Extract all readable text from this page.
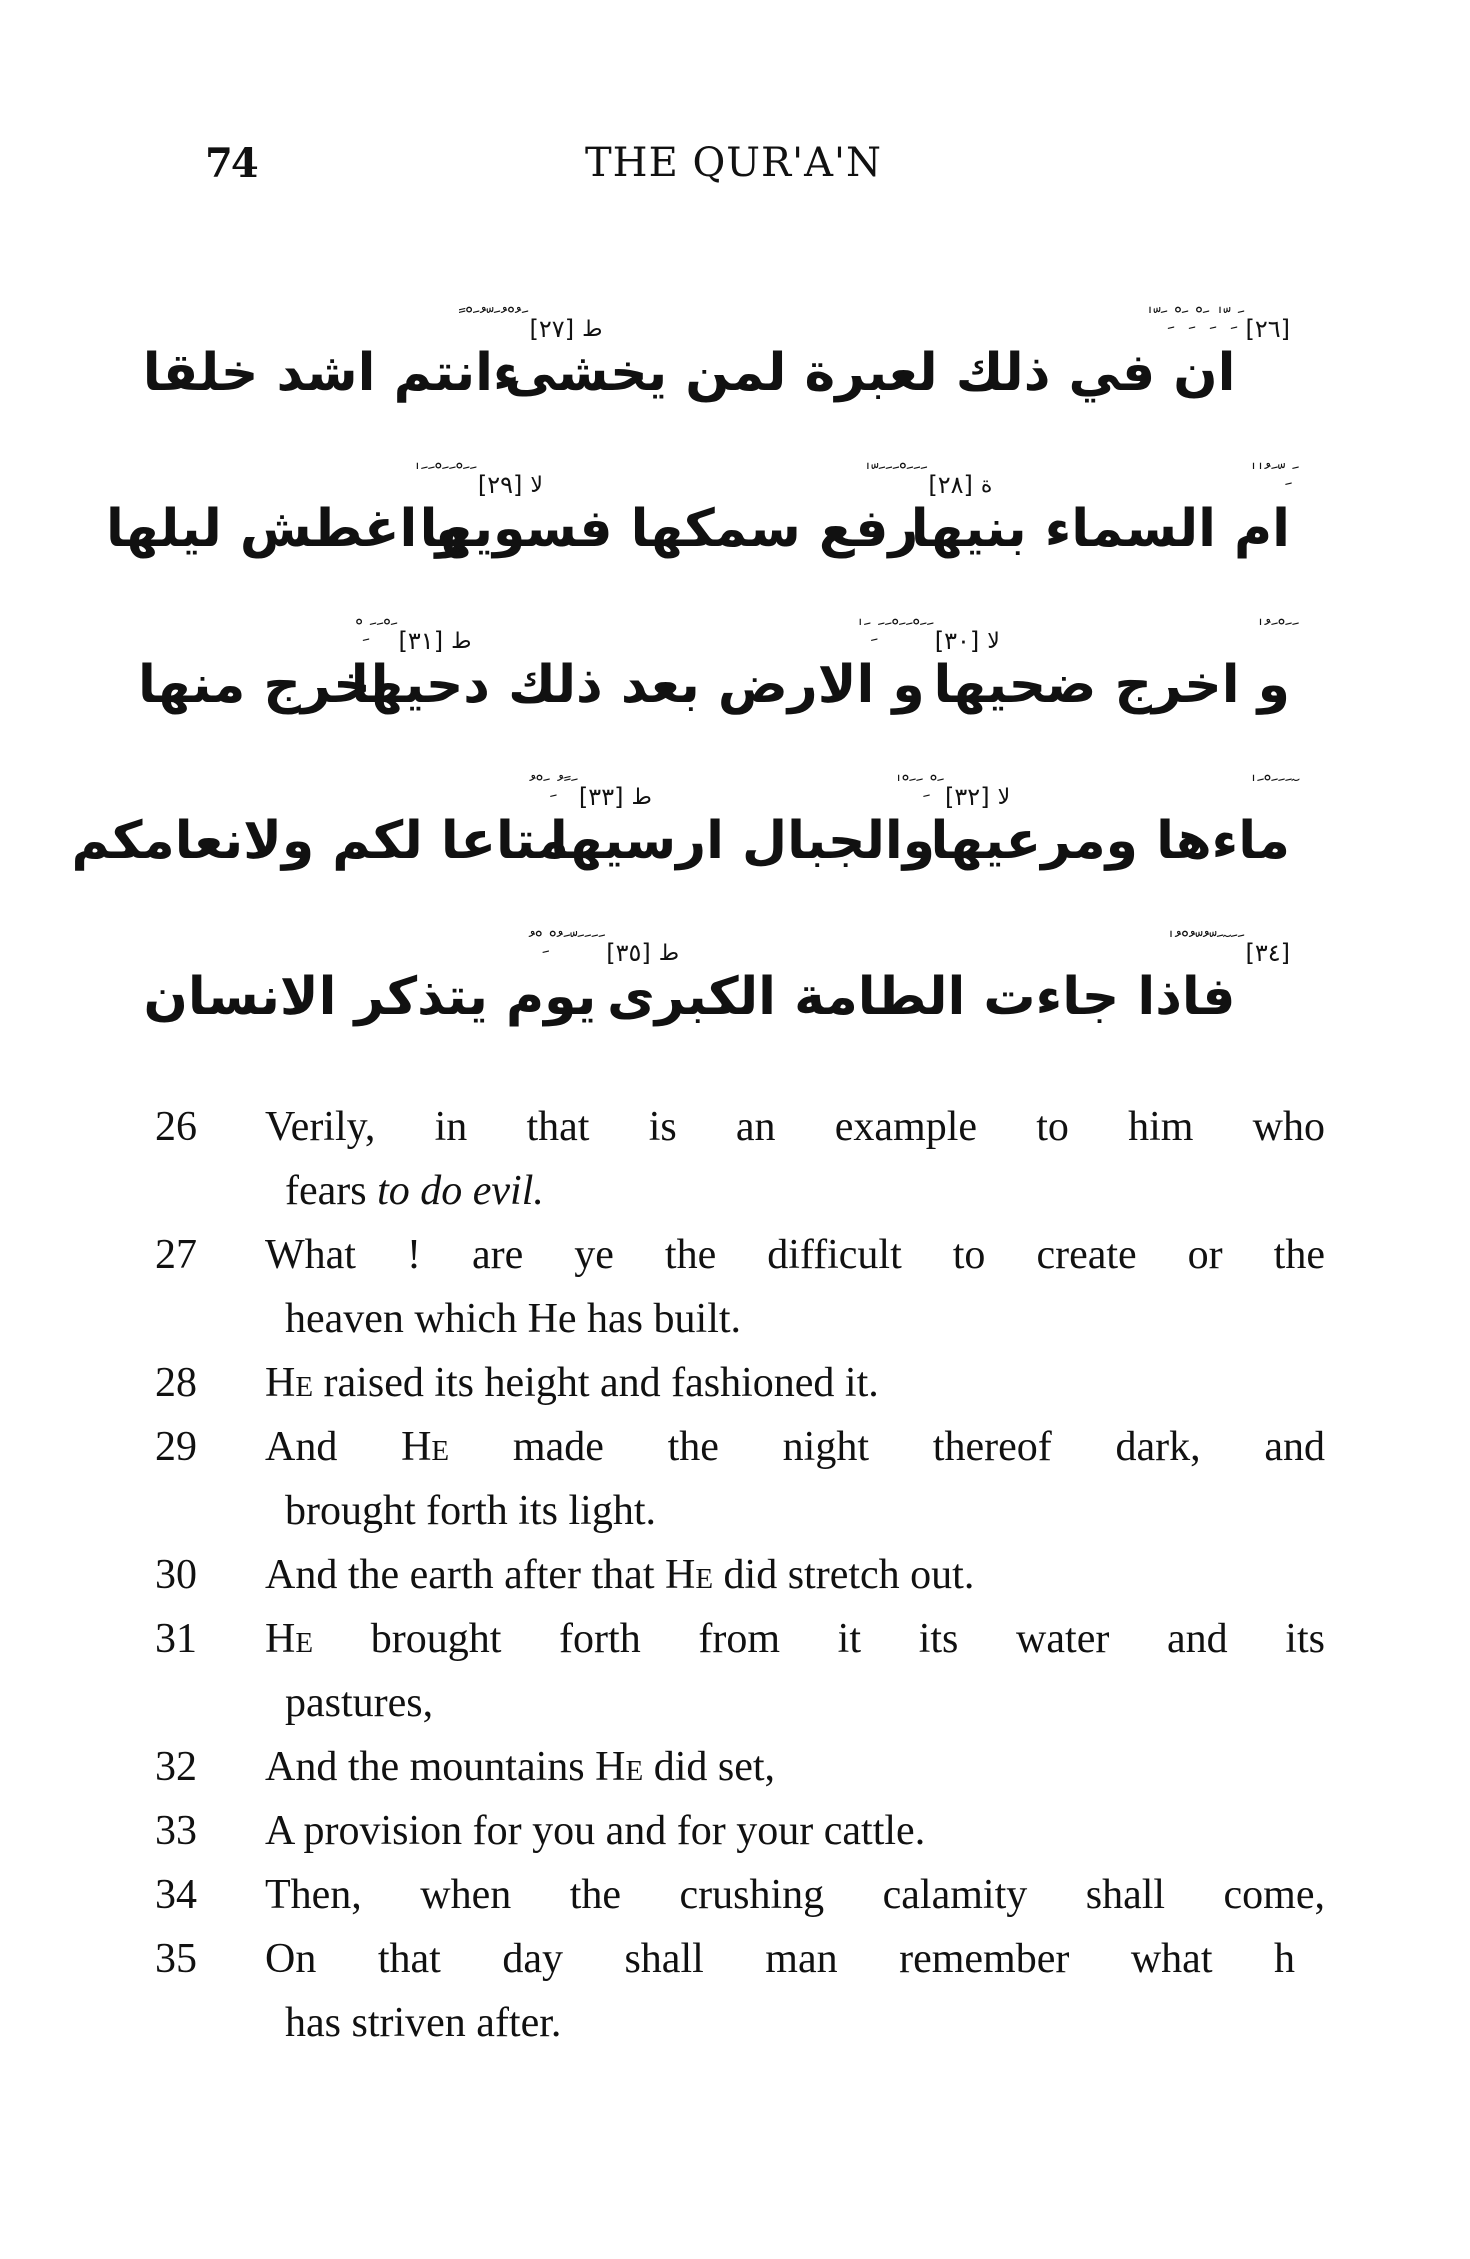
74	THE QUR'A'N
[ ٢٦ ]
َ ِ ّ ٰ ِ َ ْ ِ َ ْ ِ َ ّ ٰ
ان في ذلك لعبرة لمن يخشى
ط
[ ٢٧ ]
َ ُ ْ ُ َ ّ ُ َ ْ ً
ءانتم اشد خلقا
َ ِ ّ َ ُ ٰ ٰ
ام السماء بنيها
ة
[ ٢٨ ]
َ َ َ ْ َ َ َ ّ ٰ
رفع سمكها فسويها
لا
[ ٢٩ ]
َ َ ْ َ َ ْ َ َ ٰ
و اغطش ليلها
َ َ ْ َ ُ ٰ
و اخرج ضحيها
لا
[ ٣٠ ]
َ َ ْ َ َ ْ َ َ ِ َ ٰ
و الارض بعد ذلك دحيها
ط
[ ٣١ ]
َ ْ َ َ ِ ْ
اخرج منها
ٓ َ َ َ ْ َ ٰ
ماءها ومرعيها
لا
[ ٣٢ ]
َ ْ ِ َ َ ْ ٰ
والجبال ارسيها
ط
[ ٣٣ ]
َ ً ُ ِ َ ْ ُ
متاعا لكم ولانعامكم
[ ٣٤ ]
َ َ ٓ َ ّ ُ ّ ُ ْ ُ ٰ
فاذا جاءت الطامة الكبرى
ط
[ ٣٥ ]
َ َ َ َ ّ َ ُ ْ ِ ْ ُ
يوم يتذكر الانسان
26	Verily, in that is an example to him who
fears to do evil.
27	What ! are ye the difficult to create or the
heaven which He has built.
28	He raised its height and fashioned it.
29	And He made the night thereof dark, and
brought forth its light.
30	And the earth after that He did stretch out.
31	He brought forth from it its water and its
pastures,
32	And the mountains He did set,
33	A provision for you and for your cattle.
34	Then, when the crushing calamity shall come,
35	On that day shall man remember what h
has striven after.
